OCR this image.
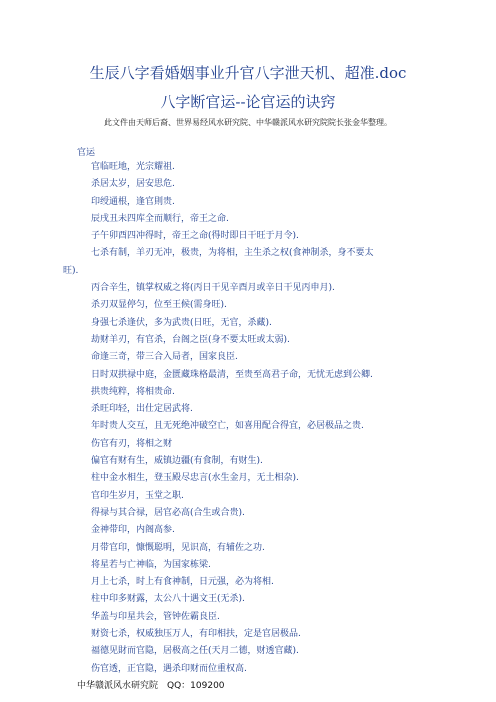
生辰八字看婚姻事业升官八字泄天机、超准.doc
八字断官运--论官运的诀窍
此文件由天师后裔、世界易经风水研究院、中华赣派风水研究院院长张金华整理。
官运
官临旺地，光宗耀祖.
杀居太岁，居安思危.
印绶通根，逢官則贵.
辰戌丑未四库全而顺行，帝王之命.
子午卯酉四冲得时，帝王之命(得时即日干旺于月令).
七杀有制，羊刃无冲，极贵，为将相，主生杀之权(食神制杀，身不要太
旺).
丙合辛生，镇掌权威之将(丙日干见辛酉月或辛日干见丙申月).
杀刃双显停匀，位至王候(需身旺).
身强七杀逢伏，多为武贵(日旺，无官，杀藏).
劫财羊刃，有官杀，台阁之臣(身不要太旺或太弱).
命逢三奇，带三合入局者，国家良臣.
日时双拱禄中庭，金匮藏珠格最清，至贵至高君子命，无忧无虑到公卿.
拱贵纯粹，将相贵命.
杀旺印轻，出仕定居武将.
年时贵人交互，且无死绝冲破空亡，如喜用配合得宜，必居极品之贵.
伤官有刃，将相之财
偏官有财有生，威镇边疆(有食制，有财生).
柱中金水相生，登玉殿尽忠言(水生金月，无土相杂).
官印生岁月，玉堂之职.
得禄与其合禄，居官必高(合生或合贵).
金神带印，内阁高参.
月带官印，慷慨聪明，见识高，有辅佐之功.
将星若与亡神临，为国家栋梁.
月上七杀，时上有食神制，日元强，必为将相.
柱中印多财露，太公八十遇文王(无杀).
华盖与印星共会，管钟佐霸良臣.
财资七杀，权威独压万人，有印相扶，定是官居极品.
福德见財而官隐，居极高之任(天月二德，财透官藏).
伤官透，正官隐，遇杀印财而位重权高.
中华赣派风水研究院　QQ：109200
